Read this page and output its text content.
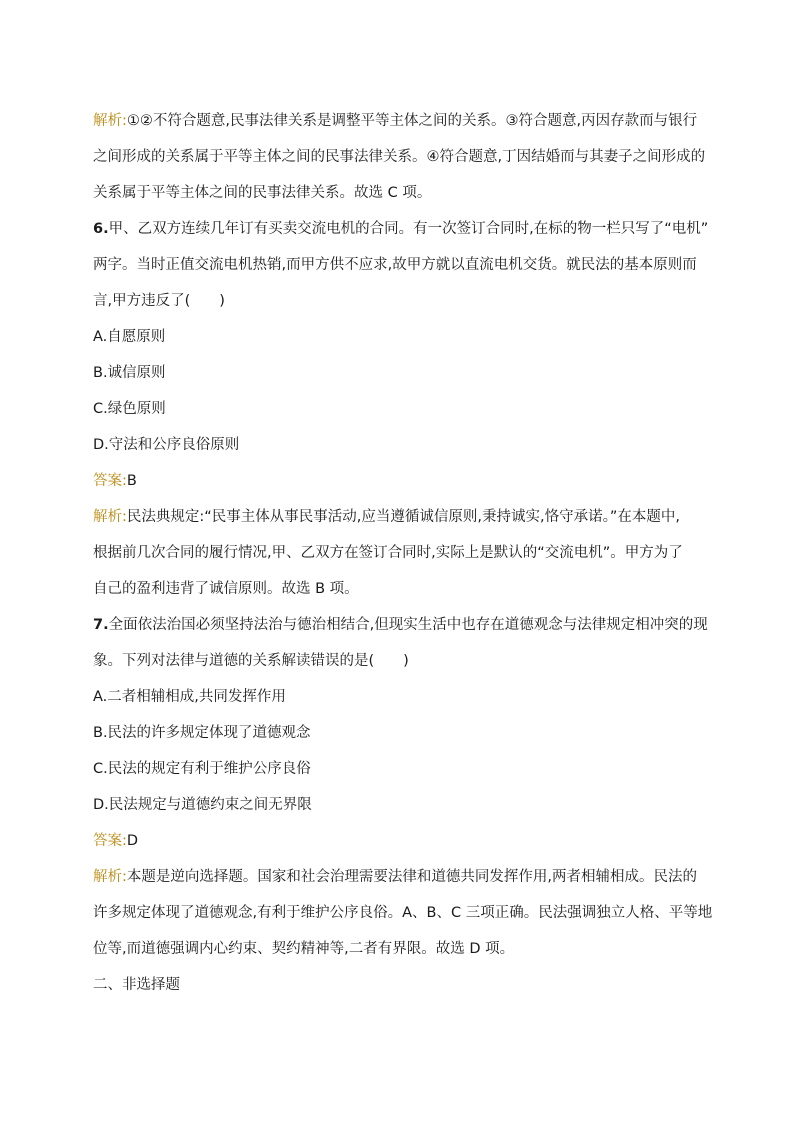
解析:①②不符合题意,民事法律关系是调整平等主体之间的关系。③符合题意,丙因存款而与银行
之间形成的关系属于平等主体之间的民事法律关系。④符合题意,丁因结婚而与其妻子之间形成的
关系属于平等主体之间的民事法律关系。故选 C 项。
6.甲、乙双方连续几年订有买卖交流电机的合同。有一次签订合同时,在标的物一栏只写了“电机”
两字。当时正值交流电机热销,而甲方供不应求,故甲方就以直流电机交货。就民法的基本原则而
言,甲方违反了(　　)
A.自愿原则
B.诚信原则
C.绿色原则
D.守法和公序良俗原则
答案:B
解析:民法典规定:“民事主体从事民事活动,应当遵循诚信原则,秉持诚实,恪守承诺。”在本题中,
根据前几次合同的履行情况,甲、乙双方在签订合同时,实际上是默认的“交流电机”。甲方为了
自己的盈利违背了诚信原则。故选 B 项。
7.全面依法治国必须坚持法治与德治相结合,但现实生活中也存在道德观念与法律规定相冲突的现
象。下列对法律与道德的关系解读错误的是(　　)
A.二者相辅相成,共同发挥作用
B.民法的许多规定体现了道德观念
C.民法的规定有利于维护公序良俗
D.民法规定与道德约束之间无界限
答案:D
解析:本题是逆向选择题。国家和社会治理需要法律和道德共同发挥作用,两者相辅相成。民法的
许多规定体现了道德观念,有利于维护公序良俗。A、B、C 三项正确。民法强调独立人格、平等地
位等,而道德强调内心约束、契约精神等,二者有界限。故选 D 项。
二、非选择题
